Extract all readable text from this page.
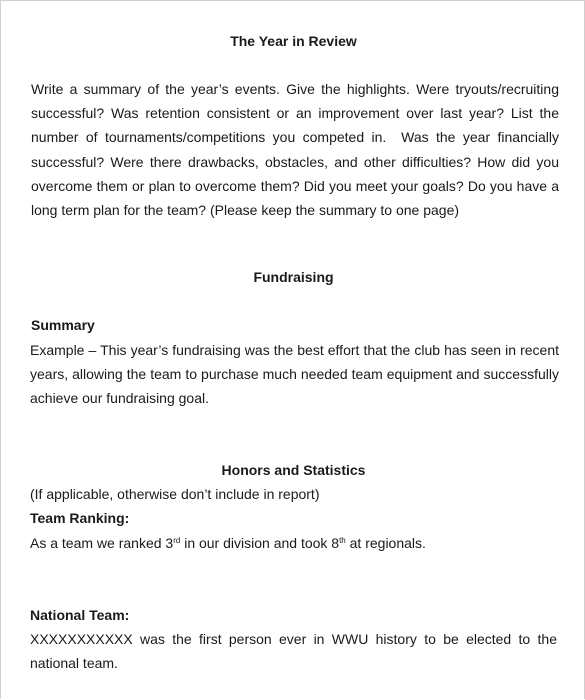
The Year in Review
Write a summary of the year’s events. Give the highlights. Were tryouts/recruiting successful? Was retention consistent or an improvement over last year? List the number of tournaments/competitions you competed in.  Was the year financially successful? Were there drawbacks, obstacles, and other difficulties? How did you overcome them or plan to overcome them? Did you meet your goals? Do you have a long term plan for the team? (Please keep the summary to one page)
Fundraising
Summary
Example – This year’s fundraising was the best effort that the club has seen in recent years, allowing the team to purchase much needed team equipment and successfully achieve our fundraising goal.
Honors and Statistics
(If applicable, otherwise don’t include in report)
Team Ranking:
As a team we ranked 3rd in our division and took 8th at regionals.
National Team:
XXXXXXXXXXX was the first person ever in WWU history to be elected to the national team.
